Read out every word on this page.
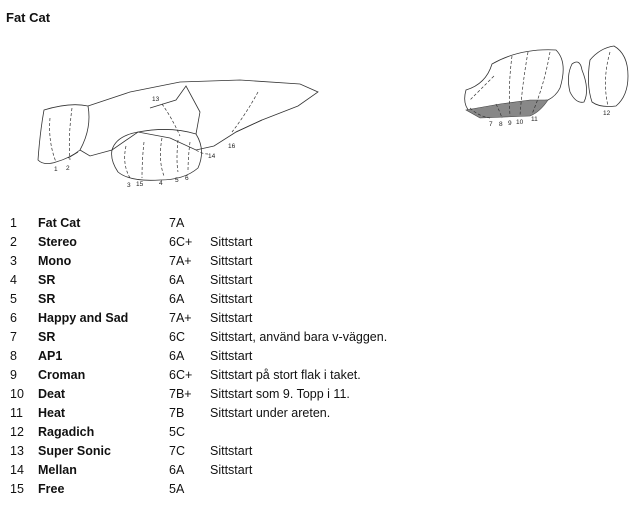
Fat Cat
1 2
3 15 4 5 6
14
16
13
7 8 9 10 11
12
1	Fat Cat	7A	
2	Stereo	6C+	Sittstart
3	Mono	7A+	Sittstart
4	SR	6A	Sittstart
5	SR	6A	Sittstart
6	Happy and Sad	7A+	Sittstart
7	SR	6C	Sittstart, använd bara v-väggen.
8	AP1	6A	Sittstart
9	Croman	6C+	Sittstart på stort flak i taket.
10	Deat	7B+	Sittstart som 9. Topp i 11.
11	Heat	7B	Sittstart under areten.
12	Ragadich	5C	
13	Super Sonic	7C	Sittstart
14	Mellan	6A	Sittstart
15	Free	5A	
